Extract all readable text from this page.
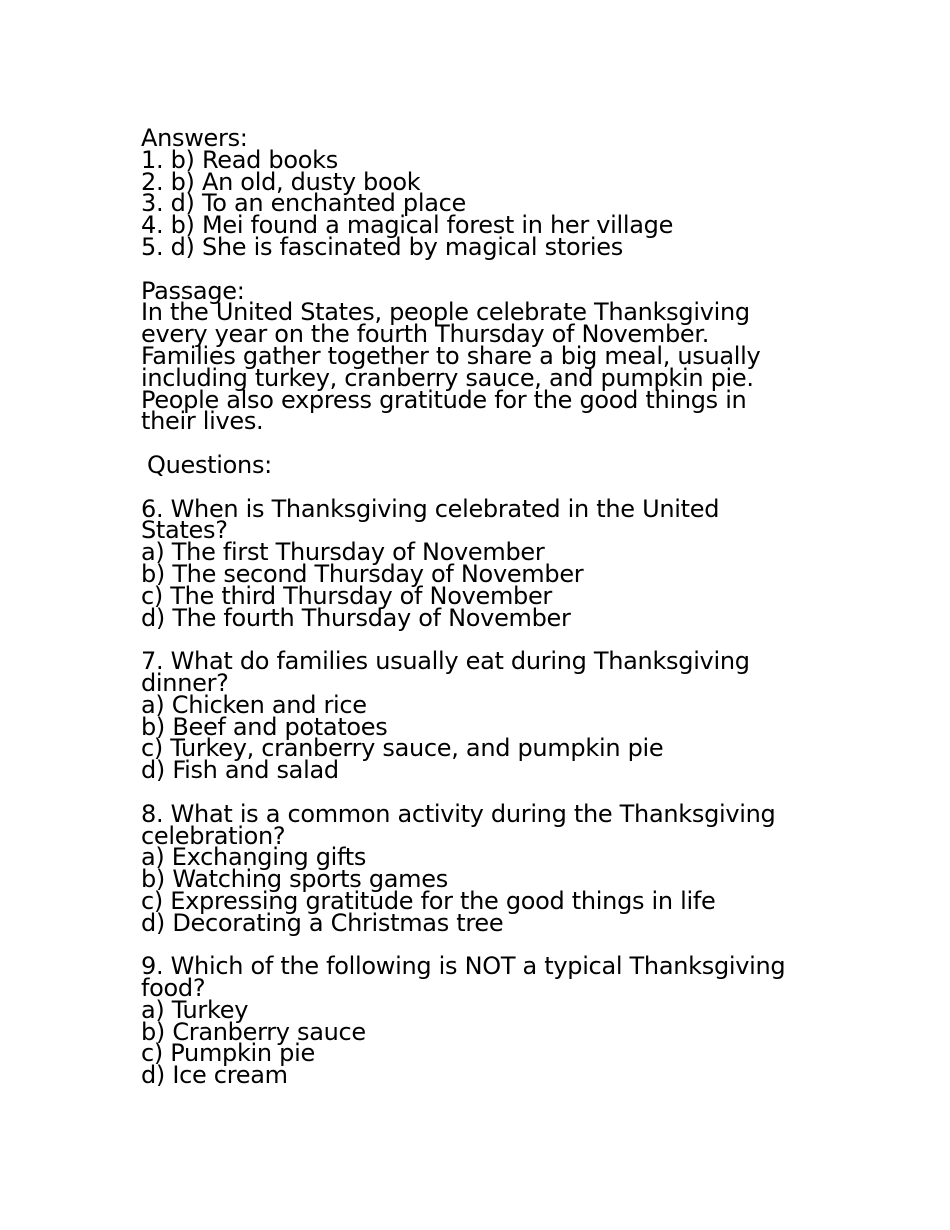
Answers:
1. b) Read books
2. b) An old, dusty book
3. d) To an enchanted place
4. b) Mei found a magical forest in her village
5. d) She is fascinated by magical stories
Passage:
In the United States, people celebrate Thanksgiving
every year on the fourth Thursday of November.
Families gather together to share a big meal, usually
including turkey, cranberry sauce, and pumpkin pie.
People also express gratitude for the good things in
their lives.
Questions:
6. When is Thanksgiving celebrated in the United
States?
a) The first Thursday of November
b) The second Thursday of November
c) The third Thursday of November
d) The fourth Thursday of November
7. What do families usually eat during Thanksgiving
dinner?
a) Chicken and rice
b) Beef and potatoes
c) Turkey, cranberry sauce, and pumpkin pie
d) Fish and salad
8. What is a common activity during the Thanksgiving
celebration?
a) Exchanging gifts
b) Watching sports games
c) Expressing gratitude for the good things in life
d) Decorating a Christmas tree
9. Which of the following is NOT a typical Thanksgiving
food?
a) Turkey
b) Cranberry sauce
c) Pumpkin pie
d) Ice cream
